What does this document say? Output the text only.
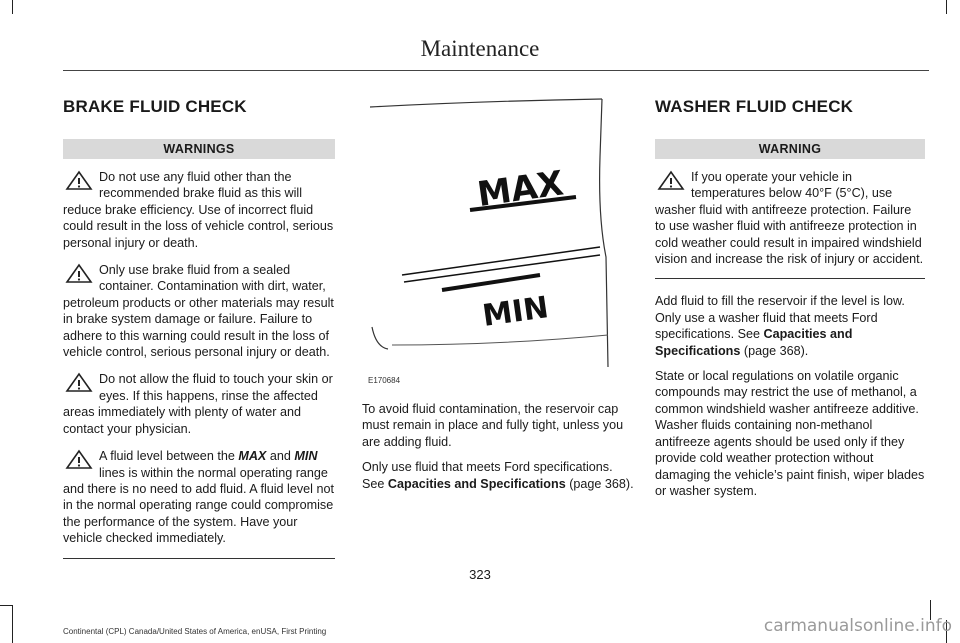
Maintenance
BRAKE FLUID CHECK
WARNINGS
Do not use any fluid other than the recommended brake fluid as this will reduce brake efficiency. Use of incorrect fluid could result in the loss of vehicle control, serious personal injury or death.
Only use brake fluid from a sealed container. Contamination with dirt, water, petroleum products or other materials may result in brake system damage or failure. Failure to adhere to this warning could result in the loss of vehicle control, serious personal injury or death.
Do not allow the fluid to touch your skin or eyes. If this happens, rinse the affected areas immediately with plenty of water and contact your physician.
A fluid level between the MAX and MIN lines is within the normal operating range and there is no need to add fluid. A fluid level not in the normal operating range could compromise the performance of the system. Have your vehicle checked immediately.
MAX
MIN
E170684

To avoid fluid contamination, the reservoir cap must remain in place and fully tight, unless you are adding fluid.

Only use fluid that meets Ford specifications. See Capacities and Specifications (page 368).

WASHER FLUID CHECK
WARNING
If you operate your vehicle in temperatures below 40°F (5°C), use washer fluid with antifreeze protection. Failure to use washer fluid with antifreeze protection in cold weather could result in impaired windshield vision and increase the risk of injury or accident.

Add fluid to fill the reservoir if the level is low. Only use a washer fluid that meets Ford specifications. See Capacities and Specifications (page 368).

State or local regulations on volatile organic compounds may restrict the use of methanol, a common windshield washer antifreeze additive. Washer fluids containing non-methanol antifreeze agents should be used only if they provide cold weather protection without damaging the vehicle’s paint finish, wiper blades or washer system.

323
Continental (CPL) Canada/United States of America, enUSA, First Printing	carmanualsonline.info
